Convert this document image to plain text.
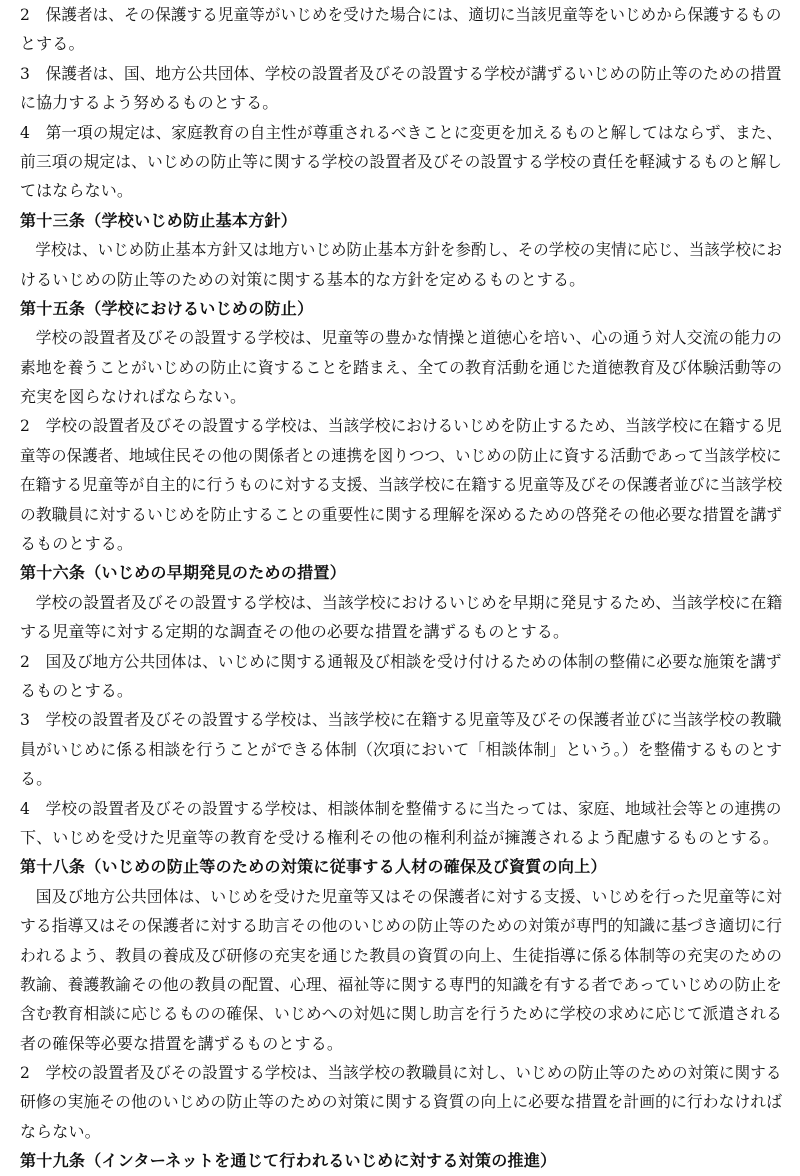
2　保護者は、その保護する児童等がいじめを受けた場合には、適切に当該児童等をいじめから保護するもの
とする。
3　保護者は、国、地方公共団体、学校の設置者及びその設置する学校が講ずるいじめの防止等のための措置
に協力するよう努めるものとする。
4　第一項の規定は、家庭教育の自主性が尊重されるべきことに変更を加えるものと解してはならず、また、
前三項の規定は、いじめの防止等に関する学校の設置者及びその設置する学校の責任を軽減するものと解し
てはならない。
第十三条（学校いじめ防止基本方針）
学校は、いじめ防止基本方針又は地方いじめ防止基本方針を参酌し、その学校の実情に応じ、当該学校にお
けるいじめの防止等のための対策に関する基本的な方針を定めるものとする。
第十五条（学校におけるいじめの防止）
学校の設置者及びその設置する学校は、児童等の豊かな情操と道徳心を培い、心の通う対人交流の能力の
素地を養うことがいじめの防止に資することを踏まえ、全ての教育活動を通じた道徳教育及び体験活動等の
充実を図らなければならない。
2　学校の設置者及びその設置する学校は、当該学校におけるいじめを防止するため、当該学校に在籍する児
童等の保護者、地域住民その他の関係者との連携を図りつつ、いじめの防止に資する活動であって当該学校に
在籍する児童等が自主的に行うものに対する支援、当該学校に在籍する児童等及びその保護者並びに当該学校
の教職員に対するいじめを防止することの重要性に関する理解を深めるための啓発その他必要な措置を講ず
るものとする。
第十六条（いじめの早期発見のための措置）
学校の設置者及びその設置する学校は、当該学校におけるいじめを早期に発見するため、当該学校に在籍
する児童等に対する定期的な調査その他の必要な措置を講ずるものとする。
2　国及び地方公共団体は、いじめに関する通報及び相談を受け付けるための体制の整備に必要な施策を講ず
るものとする。
3　学校の設置者及びその設置する学校は、当該学校に在籍する児童等及びその保護者並びに当該学校の教職
員がいじめに係る相談を行うことができる体制（次項において「相談体制」という。）を整備するものとす
る。
4　学校の設置者及びその設置する学校は、相談体制を整備するに当たっては、家庭、地域社会等との連携の
下、いじめを受けた児童等の教育を受ける権利その他の権利利益が擁護されるよう配慮するものとする。
第十八条（いじめの防止等のための対策に従事する人材の確保及び資質の向上）
国及び地方公共団体は、いじめを受けた児童等又はその保護者に対する支援、いじめを行った児童等に対
する指導又はその保護者に対する助言その他のいじめの防止等のための対策が専門的知識に基づき適切に行
われるよう、教員の養成及び研修の充実を通じた教員の資質の向上、生徒指導に係る体制等の充実のための
教諭、養護教諭その他の教員の配置、心理、福祉等に関する専門的知識を有する者であっていじめの防止を
含む教育相談に応じるものの確保、いじめへの対処に関し助言を行うために学校の求めに応じて派遣される
者の確保等必要な措置を講ずるものとする。
2　学校の設置者及びその設置する学校は、当該学校の教職員に対し、いじめの防止等のための対策に関する
研修の実施その他のいじめの防止等のための対策に関する資質の向上に必要な措置を計画的に行わなければ
ならない。
第十九条（インターネットを通じて行われるいじめに対する対策の推進）
